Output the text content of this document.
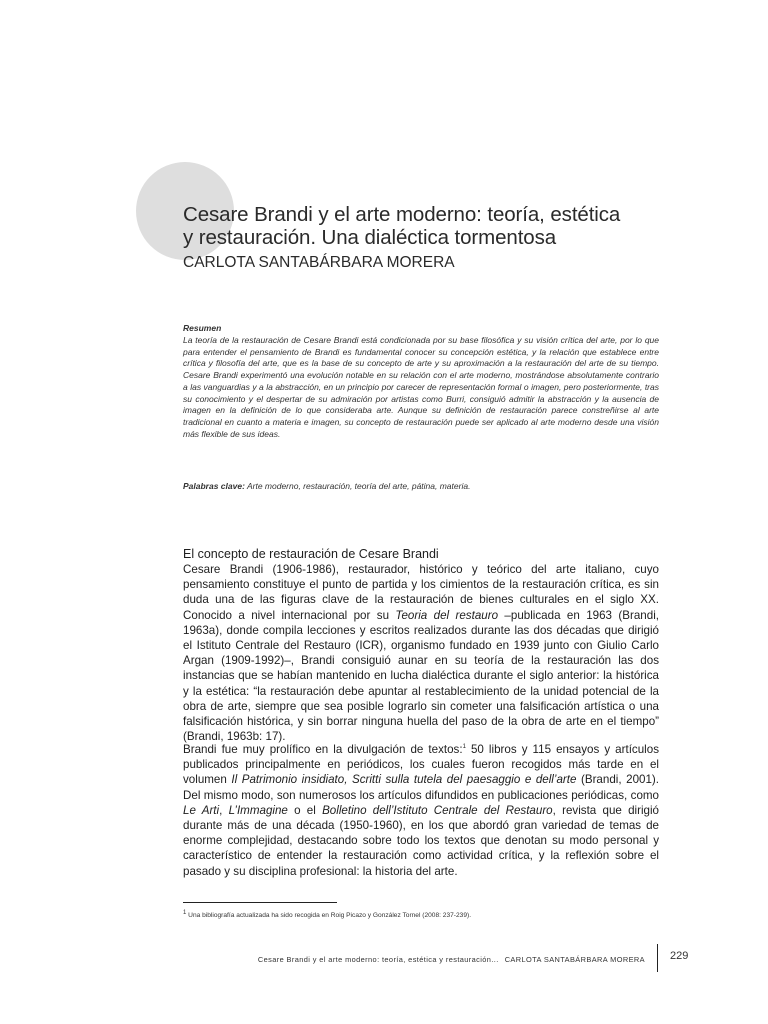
Cesare Brandi y el arte moderno: teoría, estética
y restauración. Una dialéctica tormentosa

CARLOTA SANTABÁRBARA MORERA

Resumen

La teoría de la restauración de Cesare Brandi está condicionada por su base filosófica y su visión crítica del arte, por lo que para entender el pensamiento de Brandi es fundamental conocer su concepción estética, y la relación que establece entre crítica y filosofía del arte, que es la base de su concepto de arte y su aproximación a la restauración del arte de su tiempo. Cesare Brandi experimentó una evolución notable en su relación con el arte moderno, mostrándose absolutamente contrario a las vanguardias y a la abstracción, en un principio por carecer de representación formal o imagen, pero posteriormente, tras su conocimiento y el despertar de su admiración por artistas como Burri, consiguió admitir la abstracción y la ausencia de imagen en la definición de lo que consideraba arte. Aunque su definición de restauración parece constreñirse al arte tradicional en cuanto a materia e imagen, su concepto de restauración puede ser aplicado al arte moderno desde una visión más flexible de sus ideas.

Palabras clave: Arte moderno, restauración, teoría del arte, pátina, materia.

El concepto de restauración de Cesare Brandi

Cesare Brandi (1906-1986), restaurador, histórico y teórico del arte italiano, cuyo pensamiento constituye el punto de partida y los cimientos de la restauración crítica, es sin duda una de las figuras clave de la restauración de bienes culturales en el siglo XX. Conocido a nivel internacional por su Teoria del restauro –publicada en 1963 (Brandi, 1963a), donde compila lecciones y escritos realizados durante las dos décadas que dirigió el Istituto Centrale del Restauro (ICR), organismo fundado en 1939 junto con Giulio Carlo Argan (1909-1992)–, Brandi consiguió aunar en su teoría de la restauración las dos instancias que se habían mantenido en lucha dialéctica durante el siglo anterior: la histórica y la estética: “la restauración debe apuntar al restablecimiento de la unidad potencial de la obra de arte, siempre que sea posible lograrlo sin cometer una falsificación artística o una falsificación histórica, y sin borrar ninguna huella del paso de la obra de arte en el tiempo” (Brandi, 1963b: 17).

Brandi fue muy prolífico en la divulgación de textos:$^1$ 50 libros y 115 ensayos y artículos publicados principalmente en periódicos, los cuales fueron recogidos más tarde en el volumen Il Patrimonio insidiato, Scritti sulla tutela del paesaggio e dell’arte (Brandi, 2001). Del mismo modo, son numerosos los artículos difundidos en publicaciones periódicas, como Le Arti, L’Immagine o el Bolletino dell’Istituto Centrale del Restauro, revista que dirigió durante más de una década (1950-1960), en los que abordó gran variedad de temas de enorme complejidad, destacando sobre todo los textos que denotan su modo personal y característico de entender la restauración como actividad crítica, y la reflexión sobre el pasado y su disciplina profesional: la historia del arte.

$^1$ Una bibliografía actualizada ha sido recogida en Roig Picazo y González Tornel (2008: 237-239).

Cesare Brandi y el arte moderno: teoría, estética y restauración... CARLOTA SANTABÁRBARA MORERA 229
